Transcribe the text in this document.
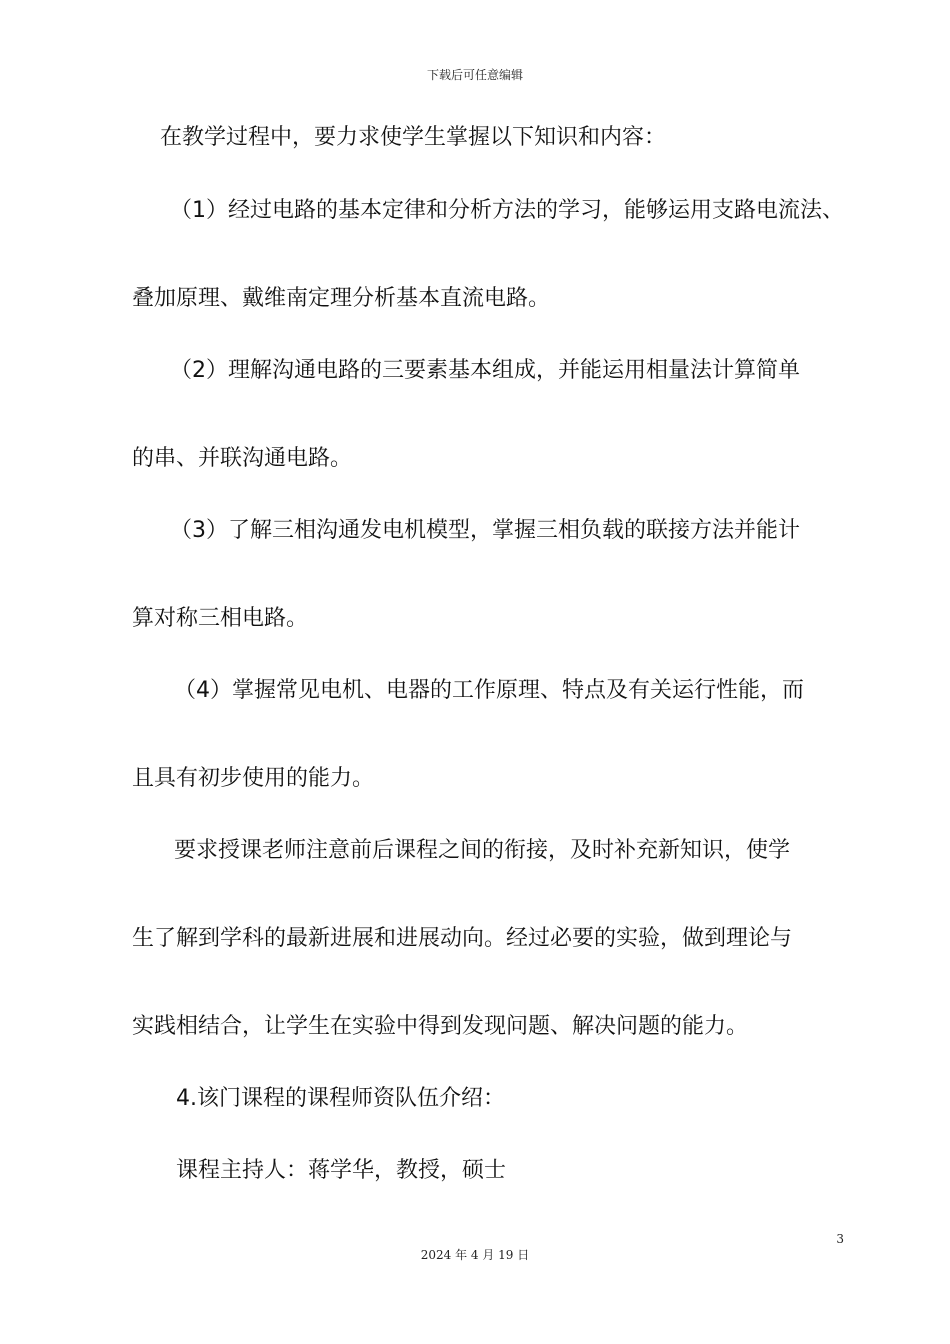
下载后可任意编辑
在教学过程中，要力求使学生掌握以下知识和内容：
（1）经过电路的基本定律和分析方法的学习，能够运用支路电流法、
叠加原理、戴维南定理分析基本直流电路。
（2）理解沟通电路的三要素基本组成，并能运用相量法计算简单
的串、并联沟通电路。
（3）了解三相沟通发电机模型，掌握三相负载的联接方法并能计
算对称三相电路。
（4）掌握常见电机、电器的工作原理、特点及有关运行性能，而
且具有初步使用的能力。
要求授课老师注意前后课程之间的衔接，及时补充新知识，使学
生了解到学科的最新进展和进展动向。经过必要的实验，做到理论与
实践相结合，让学生在实验中得到发现问题、解决问题的能力。
4.该门课程的课程师资队伍介绍：
课程主持人：蒋学华，教授，硕士
3
2024 年 4 月 19 日
